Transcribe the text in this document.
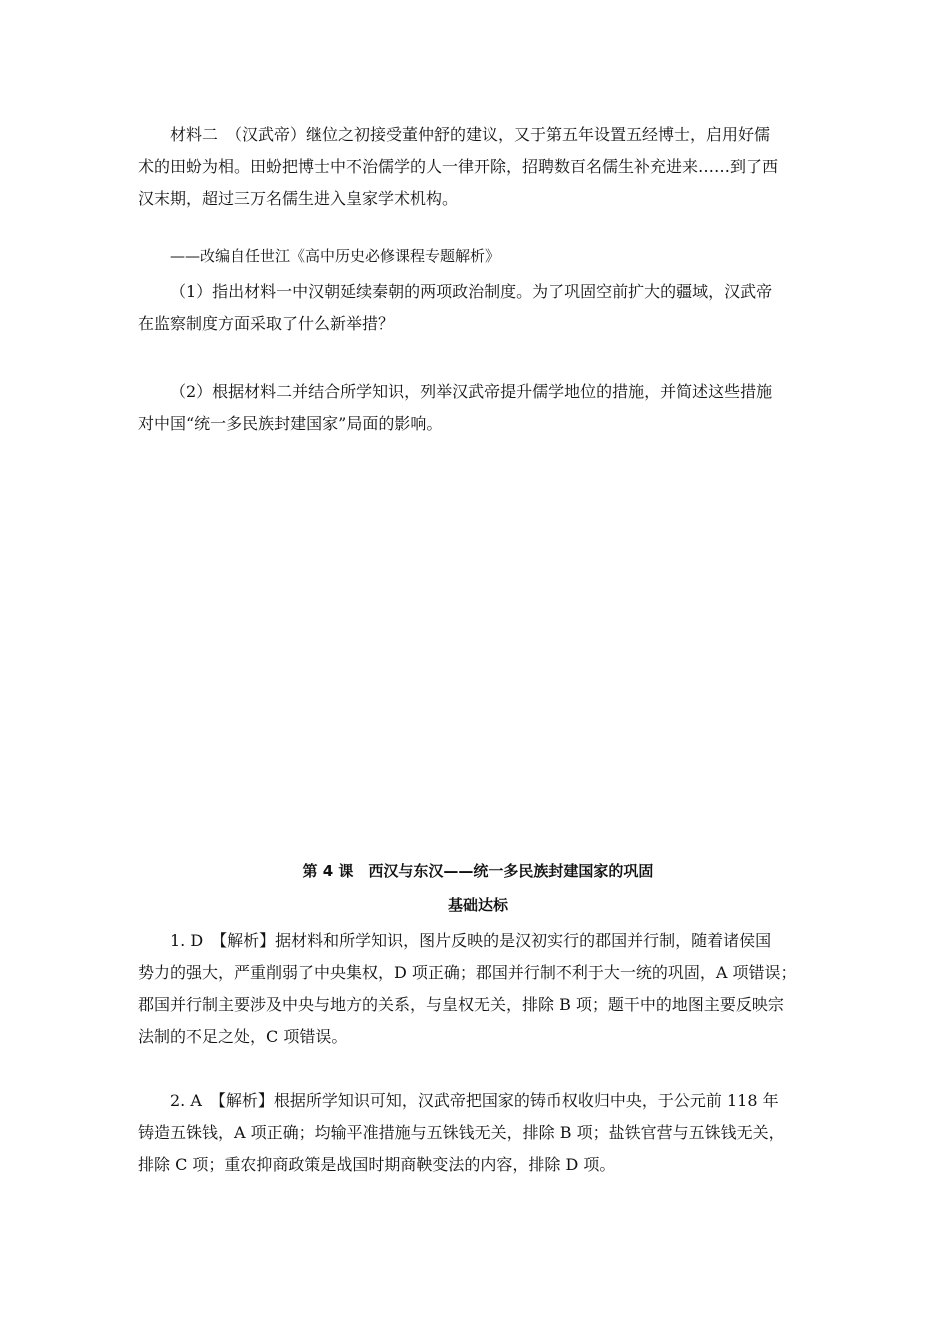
材料二　（汉武帝）继位之初接受董仲舒的建议，又于第五年设置五经博士，启用好儒

术的田蚡为相。田蚡把博士中不治儒学的人一律开除，招聘数百名儒生补充进来……到了西

汉末期，超过三万名儒生进入皇家学术机构。

——改编自任世江《高中历史必修课程专题解析》

（1）指出材料一中汉朝延续秦朝的两项政治制度。为了巩固空前扩大的疆域，汉武帝

在监察制度方面采取了什么新举措？

（2）根据材料二并结合所学知识，列举汉武帝提升儒学地位的措施，并简述这些措施

对中国“统一多民族封建国家”局面的影响。

第 4 课　西汉与东汉——统一多民族封建国家的巩固
基础达标

1. D　【解析】据材料和所学知识，图片反映的是汉初实行的郡国并行制，随着诸侯国

势力的强大，严重削弱了中央集权，D 项正确；郡国并行制不利于大一统的巩固，A 项错误；

郡国并行制主要涉及中央与地方的关系，与皇权无关，排除 B 项；题干中的地图主要反映宗

法制的不足之处，C 项错误。

2. A　【解析】根据所学知识可知，汉武帝把国家的铸币权收归中央，于公元前 118 年

铸造五铢钱，A 项正确；均输平准措施与五铢钱无关，排除 B 项；盐铁官营与五铢钱无关，

排除 C 项；重农抑商政策是战国时期商鞅变法的内容，排除 D 项。
